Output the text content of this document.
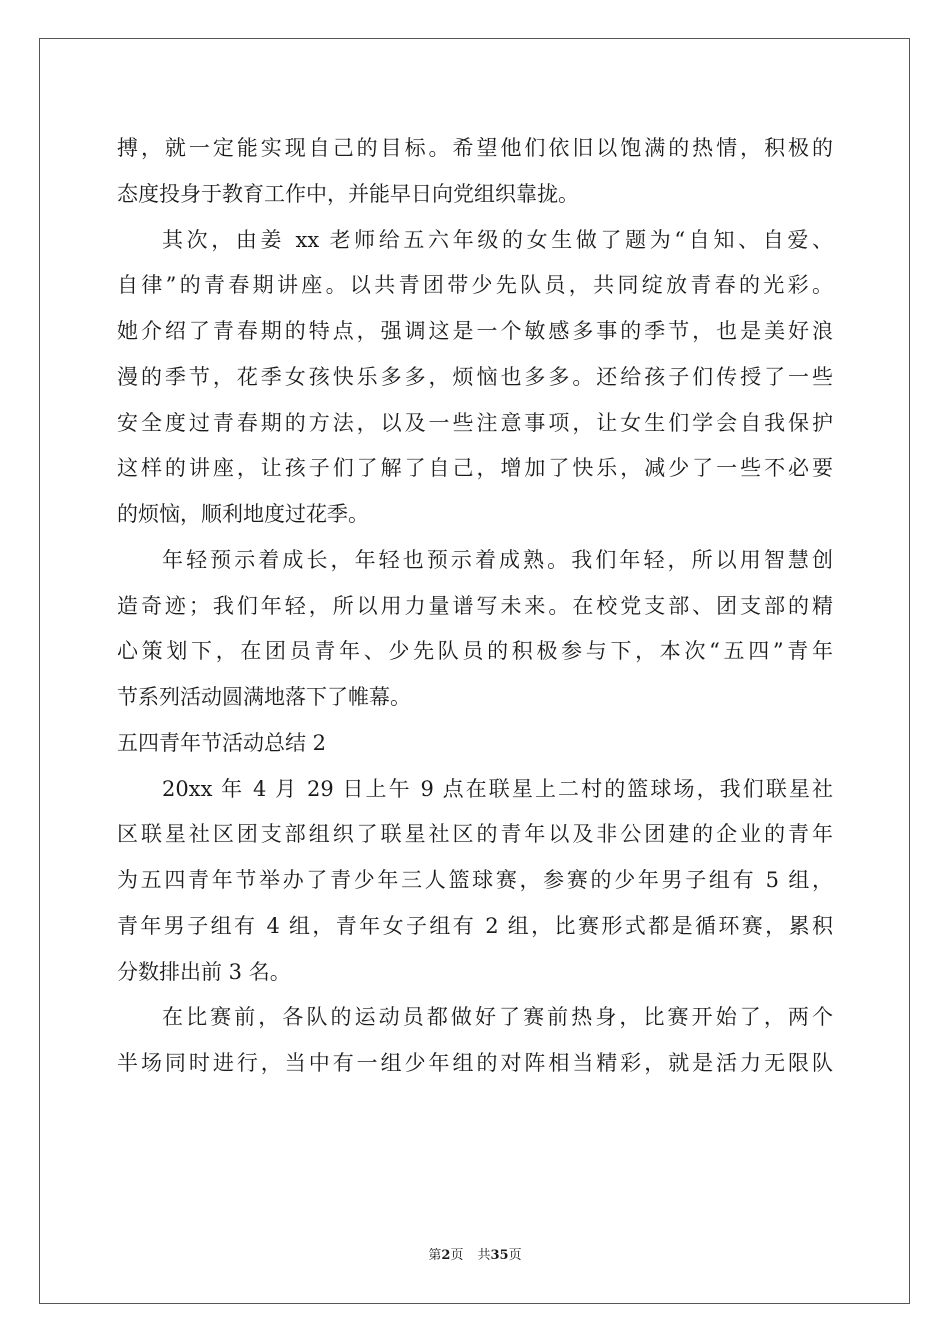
搏，就一定能实现自己的目标。希望他们依旧以饱满的热情，积极的
态度投身于教育工作中，并能早日向党组织靠拢。
其次，由姜 xx 老师给五六年级的女生做了题为“自知、自爱、
自律”的青春期讲座。以共青团带少先队员，共同绽放青春的光彩。
她介绍了青春期的特点，强调这是一个敏感多事的季节，也是美好浪
漫的季节，花季女孩快乐多多，烦恼也多多。还给孩子们传授了一些
安全度过青春期的方法，以及一些注意事项，让女生们学会自我保护
这样的讲座，让孩子们了解了自己，增加了快乐，减少了一些不必要
的烦恼，顺利地度过花季。
年轻预示着成长，年轻也预示着成熟。我们年轻，所以用智慧创
造奇迹；我们年轻，所以用力量谱写未来。在校党支部、团支部的精
心策划下，在团员青年、少先队员的积极参与下，本次“五四”青年
节系列活动圆满地落下了帷幕。
五四青年节活动总结 2
20xx 年 4 月 29 日上午 9 点在联星上二村的篮球场，我们联星社
区联星社区团支部组织了联星社区的青年以及非公团建的企业的青年
为五四青年节举办了青少年三人篮球赛，参赛的少年男子组有 5 组，
青年男子组有 4 组，青年女子组有 2 组，比赛形式都是循环赛，累积
分数排出前 3 名。
在比赛前，各队的运动员都做好了赛前热身，比赛开始了，两个
半场同时进行，当中有一组少年组的对阵相当精彩，就是活力无限队
第2页 共35页
